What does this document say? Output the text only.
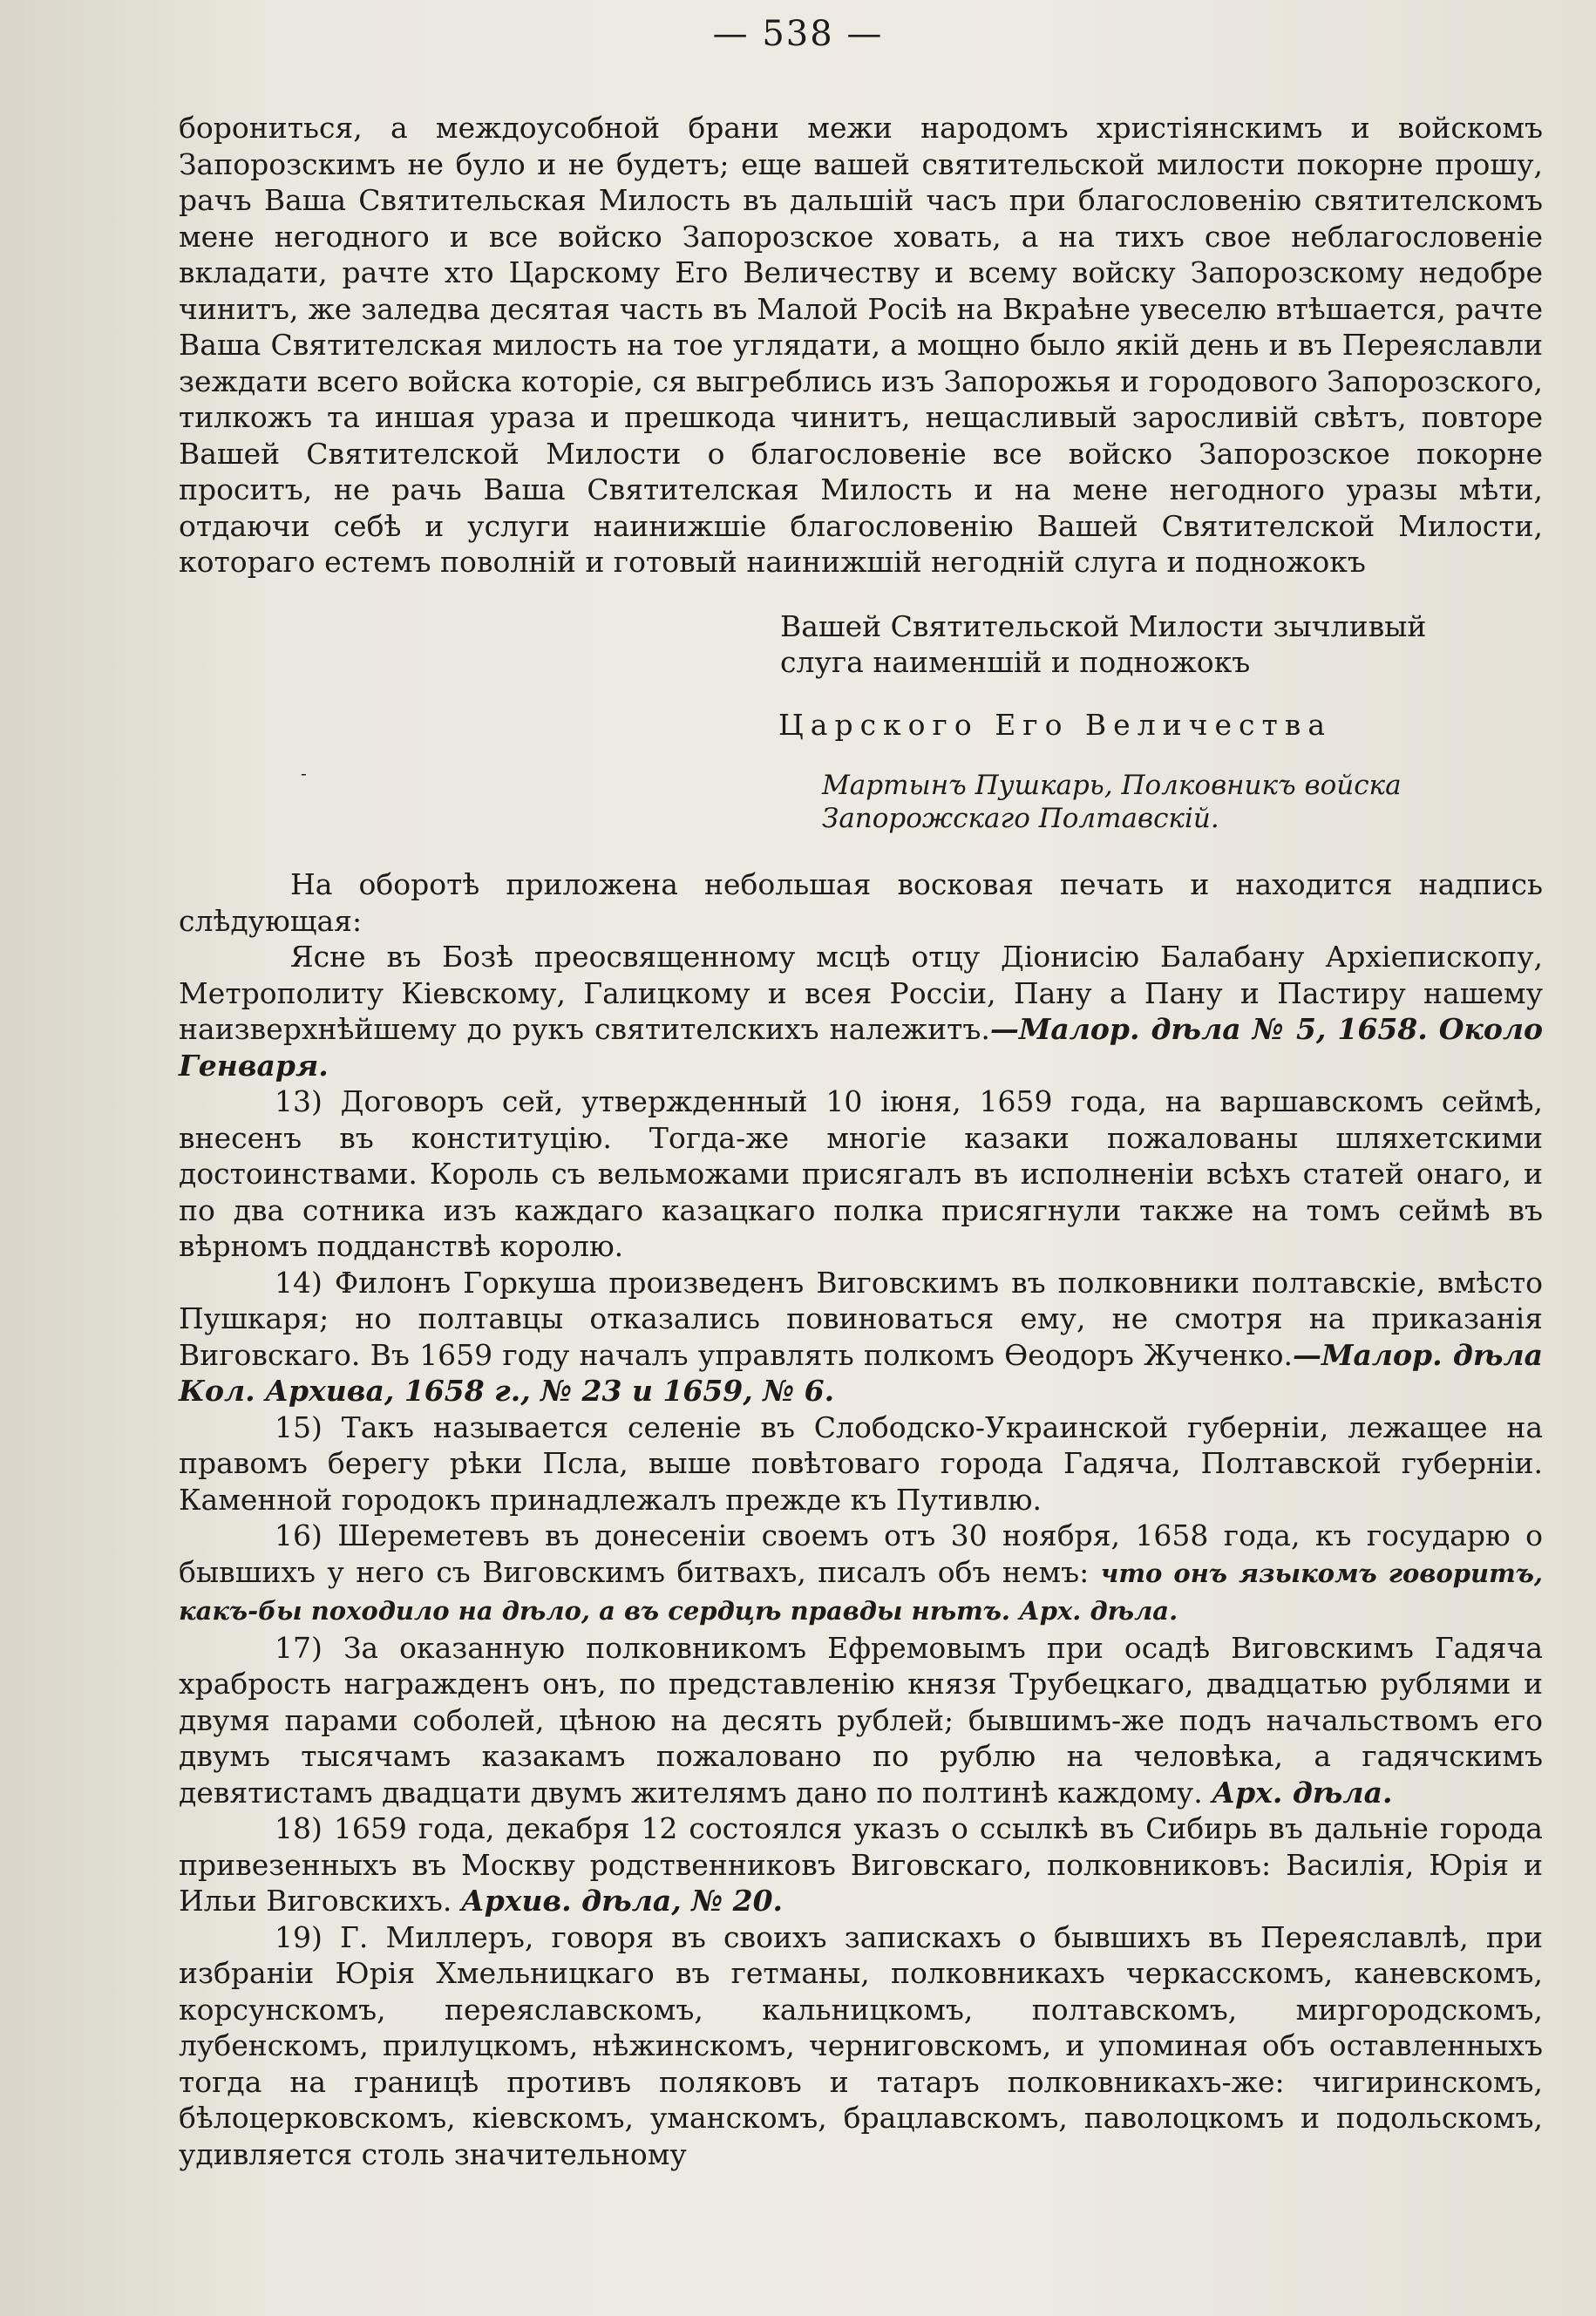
— 538 —
-

борониться, а междоусобной брани межи народомъ христіянскимъ и войскомъ Запорозскимъ не було и не будетъ; еще вашей святительской милости покорне прошу, рачъ Ваша Святительская Милость въ дальшій часъ при благословенію святителскомъ мене негодного и все войско Запорозское ховать, а на тихъ свое неблагословеніе вкладати, рачте хто Царскому Его Величеству и всему войску Запорозскому недобре чинитъ, же заледва десятая часть въ Малой Росіѣ на Вкраѣне увеселю втѣшается, рачте Ваша Святителская милость на тое углядати, а мощно было якій день и въ Переяславли зеждати всего войска которіе, ся выгреблись изъ Запорожья и городового Запорозского, тилкожъ та иншая ураза и прешкода чинитъ, нещасливый заросливій свѣтъ, повторе Вашей Святителской Милости о благословеніе все войско Запорозское покорне проситъ, не рачь Ваша Святителская Милость и на мене негодного уразы мѣти, отдаючи себѣ и услуги наинижшіе благословенію Вашей Святителской Милости, котораго естемъ поволній и готовый наинижшій негодній слуга и подножокъ

Вашей Святительской Милости зычливый

слуга наименшій и подножокъ

Царского Его Величества

Мартынъ Пушкарь, Полковникъ войска Запорожскаго Полтавскій.

На оборотѣ приложена небольшая восковая печать и находится надпись слѣдующая:

Ясне въ Бозѣ преосвященному мсцѣ отцу Діонисію Балабану Архіепископу, Метрополиту Кіевскому, Галицкому и всея Россіи, Пану а Пану и Пастиру нашему наизверхнѣйшему до рукъ святителскихъ належитъ.—Малор. дѣла № 5, 1658. Около Генваря.

13) Договоръ сей, утвержденный 10 іюня, 1659 года, на варшавскомъ сеймѣ, внесенъ въ конституцію. Тогда-же многіе казаки пожалованы шляхетскими достоинствами. Король съ вельможами присягалъ въ исполненіи всѣхъ статей онаго, и по два сотника изъ каждаго казацкаго полка присягнули также на томъ сеймѣ въ вѣрномъ подданствѣ королю.

14) Филонъ Горкуша произведенъ Виговскимъ въ полковники полтавскіе, вмѣсто Пушкаря; но полтавцы отказались повиноваться ему, не смотря на приказанія Виговскаго. Въ 1659 году началъ управлять полкомъ Ѳеодоръ Жученко.—Малор. дѣла Кол. Архива, 1658 г., № 23 и 1659, № 6.

15) Такъ называется селеніе въ Слободско-Украинской губерніи, лежащее на правомъ берегу рѣки Псла, выше повѣтоваго города Гадяча, Полтавской губерніи. Каменной городокъ принадлежалъ прежде къ Путивлю.

16) Шереметевъ въ донесеніи своемъ отъ 30 ноября, 1658 года, къ государю о бывшихъ у него съ Виговскимъ битвахъ, писалъ объ немъ: что онъ языкомъ говоритъ, какъ-бы походило на дѣло, а въ сердцѣ правды нѣтъ. Арх. дѣла.

17) За оказанную полковникомъ Ефремовымъ при осадѣ Виговскимъ Гадяча храбрость награжденъ онъ, по представленію князя Трубецкаго, двадцатью рублями и двумя парами соболей, цѣною на десять рублей; бывшимъ-же подъ начальствомъ его двумъ тысячамъ казакамъ пожаловано по рублю на человѣка, а гадячскимъ девятистамъ двадцати двумъ жителямъ дано по полтинѣ каждому. Арх. дѣла.

18) 1659 года, декабря 12 состоялся указъ о ссылкѣ въ Сибирь въ дальніе города привезенныхъ въ Москву родственниковъ Виговскаго, полковниковъ: Василія, Юрія и Ильи Виговскихъ. Архив. дѣла, № 20.

19) Г. Миллеръ, говоря въ своихъ запискахъ о бывшихъ въ Переяславлѣ, при избраніи Юрія Хмельницкаго въ гетманы, полковникахъ черкасскомъ, каневскомъ, корсунскомъ, переяславскомъ, кальницкомъ, полтавскомъ, миргородскомъ, лубенскомъ, прилуцкомъ, нѣжинскомъ, черниговскомъ, и упоминая объ оставленныхъ тогда на границѣ противъ поляковъ и татаръ полковникахъ-же: чигиринскомъ, бѣлоцерковскомъ, кіевскомъ, уманскомъ, брацлавскомъ, паволоцкомъ и подольскомъ, удивляется столь значительному
